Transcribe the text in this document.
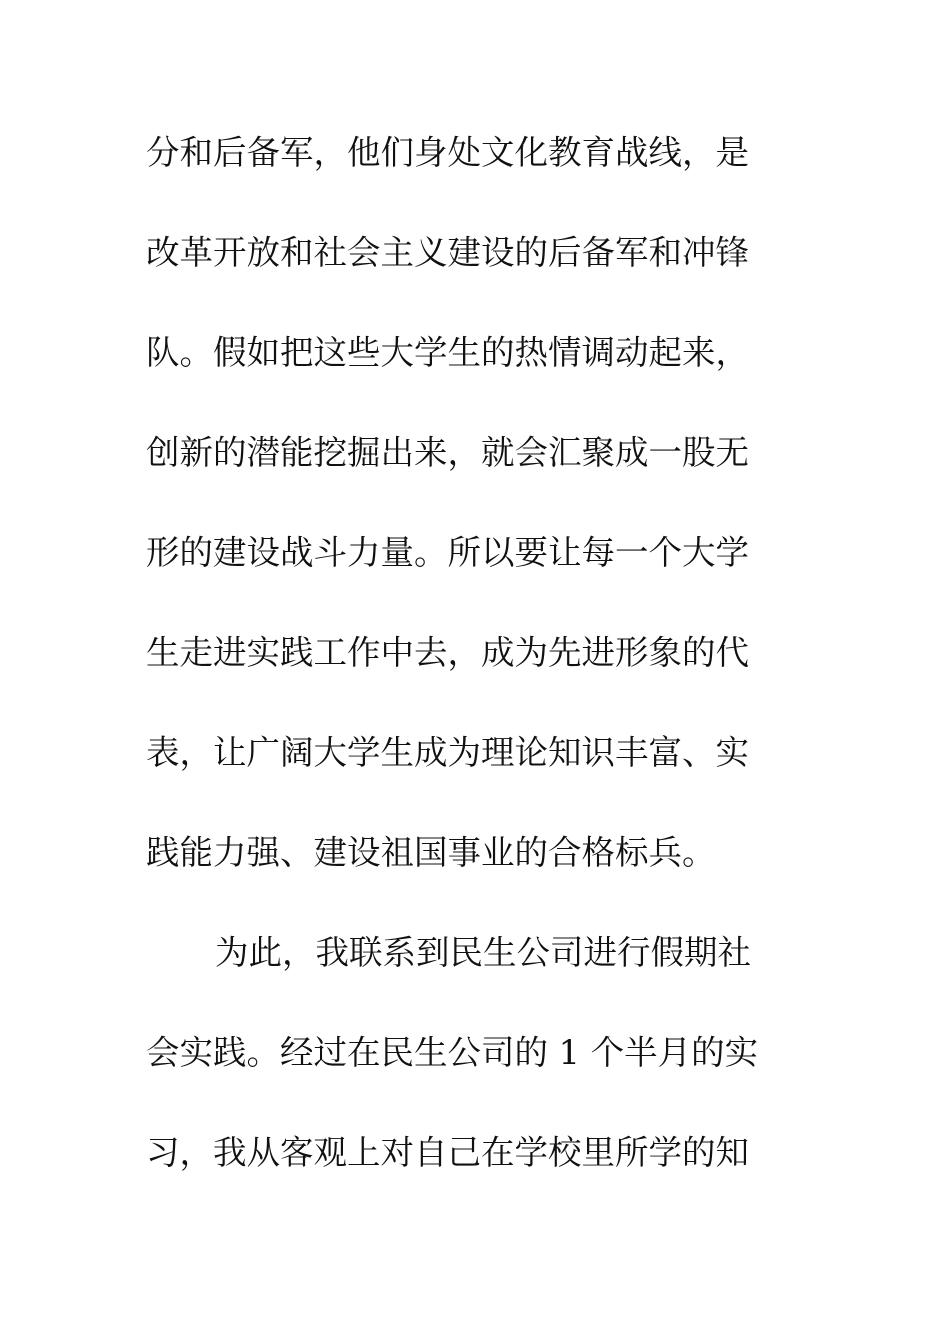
分和后备军，他们身处文化教育战线，是
改革开放和社会主义建设的后备军和冲锋
队。假如把这些大学生的热情调动起来，
创新的潜能挖掘出来，就会汇聚成一股无
形的建设战斗力量。所以要让每一个大学
生走进实践工作中去，成为先进形象的代
表，让广阔大学生成为理论知识丰富、实
践能力强、建设祖国事业的合格标兵。
为此，我联系到民生公司进行假期社
会实践。经过在民生公司的 1 个半月的实
习，我从客观上对自己在学校里所学的知
